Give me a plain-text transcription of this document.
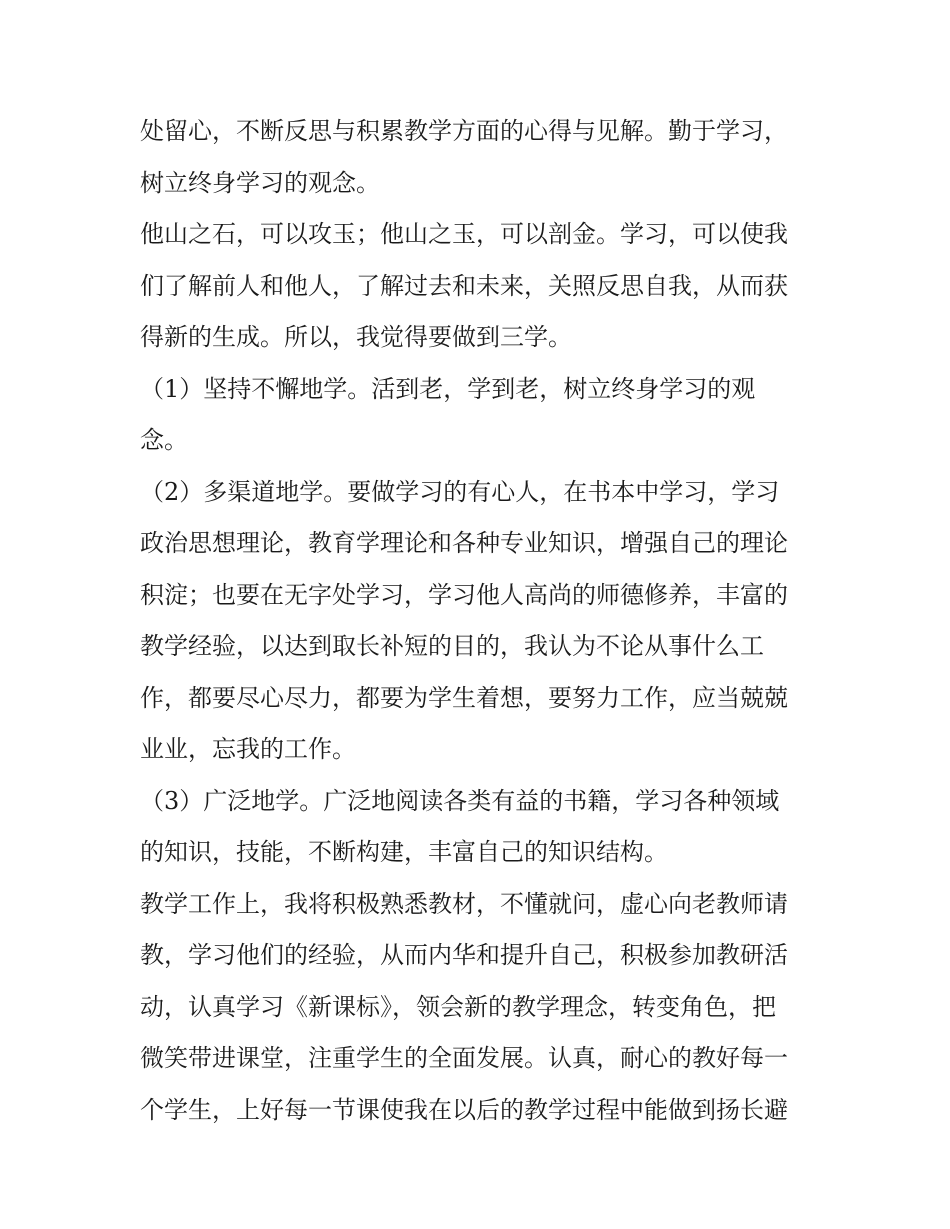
处留心，不断反思与积累教学方面的心得与见解。勤于学习，
树立终身学习的观念。
他山之石，可以攻玉；他山之玉，可以剖金。学习，可以使我
们了解前人和他人，了解过去和未来，关照反思自我，从而获
得新的生成。所以，我觉得要做到三学。
（1）坚持不懈地学。活到老，学到老，树立终身学习的观
念。
（2）多渠道地学。要做学习的有心人，在书本中学习，学习
政治思想理论，教育学理论和各种专业知识，增强自己的理论
积淀；也要在无字处学习，学习他人高尚的师德修养，丰富的
教学经验，以达到取长补短的目的，我认为不论从事什么工
作，都要尽心尽力，都要为学生着想，要努力工作，应当兢兢
业业，忘我的工作。
（3）广泛地学。广泛地阅读各类有益的书籍，学习各种领域
的知识，技能，不断构建，丰富自己的知识结构。
教学工作上，我将积极熟悉教材，不懂就问，虚心向老教师请
教，学习他们的经验，从而内华和提升自己，积极参加教研活
动，认真学习《新课标》，领会新的教学理念，转变角色，把
微笑带进课堂，注重学生的全面发展。认真，耐心的教好每一
个学生，上好每一节课使我在以后的教学过程中能做到扬长避
